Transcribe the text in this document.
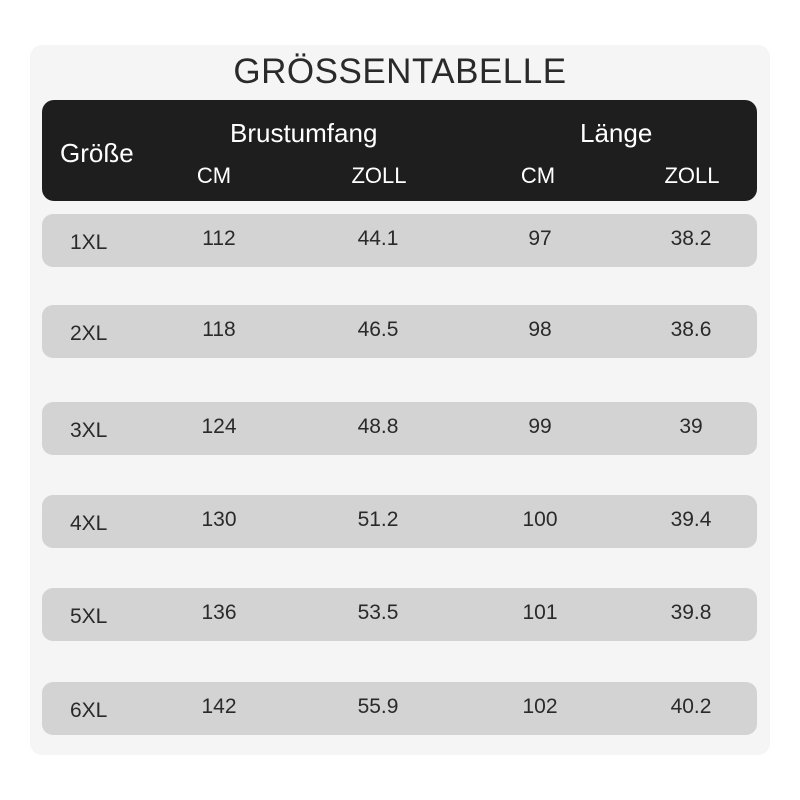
GRÖSSENTABELLE
Größe
Brustumfang	Länge
CM	ZOLL	CM	ZOLL
1XL	112	44.1	97	38.2
2XL	118	46.5	98	38.6
3XL	124	48.8	99	39
4XL	130	51.2	100	39.4
5XL	136	53.5	101	39.8
6XL	142	55.9	102	40.2
